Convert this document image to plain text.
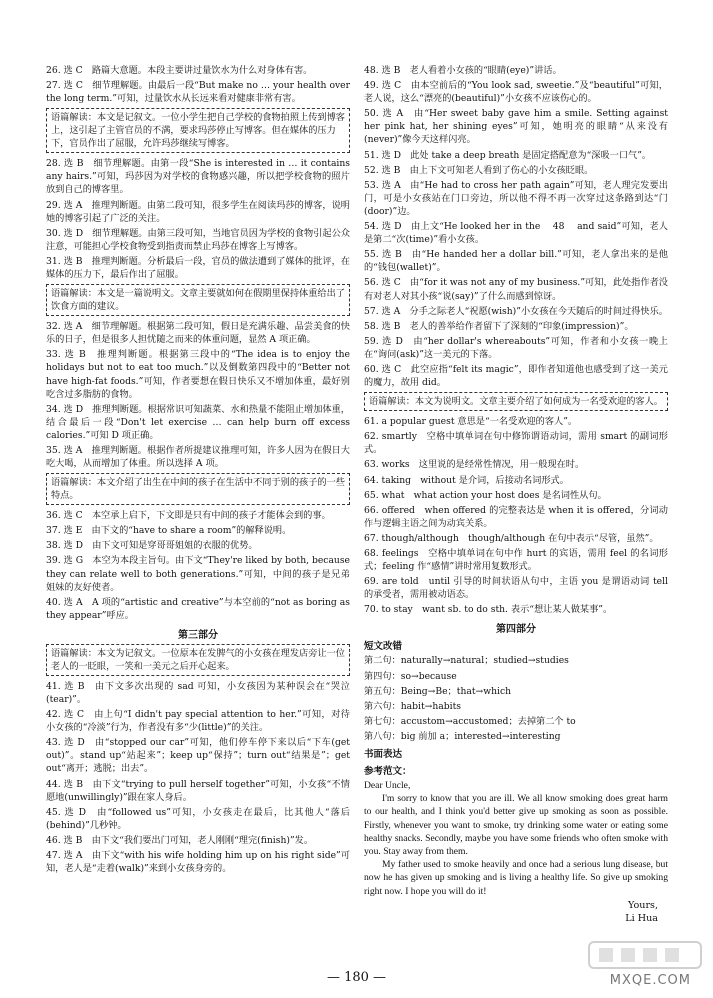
26. 选 C　路篇大意题。本段主要讲过量饮水为什么对身体有害。
27. 选 C　细节理解题。由最后一段“But make no … your health over the long term.”可知，过量饮水从长远来看对健康非常有害。
语篇解读：本文是记叙文。一位小学生把自己学校的食物拍照上传到博客上，这引起了主管官员的不满，要求玛莎停止写博客。但在媒体的压力下，官员作出了屈服，允许玛莎继续写博客。
28. 选 B　细节理解题。由第一段“She is interested in … it contains any hairs.”可知，玛莎因为对学校的食物感兴趣，所以把学校食物的照片放到自己的博客里。
29. 选 A　推理判断题。由第二段可知，很多学生在阅读玛莎的博客，说明她的博客引起了广泛的关注。
30. 选 D　细节理解题。由第三段可知，当地官员因为学校的食物引起公众注意，可能担心学校食物受到指责而禁止玛莎在博客上写博客。
31. 选 B　推理判断题。分析最后一段，官员的做法遭到了媒体的批评，在媒体的压力下，最后作出了屈服。
语篇解读：本文是一篇说明文。文章主要就如何在假期里保持体重给出了饮食方面的建议。
32. 选 A　细节理解题。根据第二段可知，假日是充满乐趣、品尝美食的快乐的日子，但是很多人担忧随之而来的体重问题，显然 A 项正确。
33. 选 B　推理判断题。根据第三段中的“The idea is to enjoy the holidays but not to eat too much.”以及倒数第四段中的“Better not have high-fat foods.”可知，作者要想在假日快乐又不增加体重，最好别吃含过多脂肪的食物。
34. 选 D　推理判断题。根据常识可知蔬菜、水和热量不能阻止增加体重，结合最后一段“Don't let exercise … can help burn off excess calories.”可知 D 项正确。
35. 选 A　推理判断题。根据作者所提建议推理可知，许多人因为在假日大吃大喝，从而增加了体重。所以选择 A 项。
语篇解读：本文介绍了出生在中间的孩子在生活中不同于别的孩子的一些特点。
36. 选 C　本空承上启下，下文即是只有中间的孩子才能体会到的事。
37. 选 E　由下文的“have to share a room”的解释说明。
38. 选 D　由下文可知是穿哥哥姐姐的衣服的优势。
39. 选 G　本空为本段主旨句。由下文“They're liked by both, because they can relate well to both generations.”可知，中间的孩子是兄弟姐妹的友好使者。
40. 选 A　A 项的“artistic and creative”与本空前的“not as boring as they appear”呼应。
第三部分
语篇解读：本文为记叙文。一位原本在发脾气的小女孩在理发店旁让一位老人的一眨眼，一笑和一美元之后开心起来。
41. 选 B　由下文多次出现的 sad 可知，小女孩因为某种误会在“哭泣(tear)”。
42. 选 C　由上句“I didn't pay special attention to her.”可知，对待小女孩的“冷淡”行为，作者没有多“少(little)”的关注。
43. 选 D　由“stopped our car”可知，他们停车停下来以后“下车(get out)”。stand up“站起来”；keep up“保持”；turn out“结果是”；get out“离开；逃脱；出去”。
44. 选 B　由下文“trying to pull herself together”可知，小女孩“不情愿地(unwillingly)”跟在家人身后。
45. 选 D　由“followed us”可知，小女孩走在最后，比其他人“落后(behind)”几秒钟。
46. 选 B　由下文“我们要出门可知，老人刚刚“理完(finish)”发。
47. 选 A　由下文“with his wife holding him up on his right side”可知，老人是“走着(walk)”来到小女孩身旁的。
48. 选 B　老人看着小女孩的“眼睛(eye)”讲话。
49. 选 C　由本空前后的“You look sad, sweetie.”及“beautiful”可知，老人说，这么“漂亮的(beautiful)”小女孩不应该伤心的。
50. 选 A　由“Her sweet baby gave him a smile. Setting against her pink hat, her shining eyes”可知，她明亮的眼睛“从来没有(never)”像今天这样闪亮。
51. 选 D　此处 take a deep breath 是固定搭配意为“深吸一口气”。
52. 选 B　由上下文可知老人看到了伤心的小女孩眨眼。
53. 选 A　由“He had to cross her path again”可知，老人理完发要出门，可是小女孩站在门口旁边，所以他不得不再一次穿过这条路到达“门(door)”边。
54. 选 D　由上文“He looked her in the 　48　 and said”可知，老人是第二“次(time)”看小女孩。
55. 选 B　由“He handed her a dollar bill.”可知，老人拿出来的是他的“钱包(wallet)”。
56. 选 C　由“for it was not any of my business.”可知，此处指作者没有对老人对其小孩“说(say)”了什么而感到惊讶。
57. 选 A　分手之际老人“祝愿(wish)”小女孩在今天随后的时间过得快乐。
58. 选 B　老人的善举给作者留下了深刻的“印象(impression)”。
59. 选 D　由“her dollar's whereabouts”可知，作者和小女孩一晚上在“询问(ask)”这一美元的下落。
60. 选 C　此空应指“felt its magic”，即作者知道他也感受到了这一美元的魔力，故用 did。
语篇解读：本文为说明文。文章主要介绍了如何成为一名受欢迎的客人。
61. a popular guest 意思是“一名受欢迎的客人”。
62. smartly　空格中填单词在句中修饰谓语动词，需用 smart 的副词形式。
63. works　这里说的是经常性情况，用一般现在时。
64. taking　without 是介词，后接动名词形式。
65. what　what action your host does 是名词性从句。
66. offered　when offered 的完整表达是 when it is offered，分词动作与逻辑主语之间为动宾关系。
67. though/although　though/although 在句中表示“尽管，虽然”。
68. feelings　空格中填单词在句中作 hurt 的宾语，需用 feel 的名词形式；feeling 作“感情”讲时常用复数形式。
69. are told　until 引导的时间状语从句中，主语 you 是谓语动词 tell 的承受者，需用被动语态。
70. to stay　want sb. to do sth. 表示“想让某人做某事”。
第四部分
短文改错
第二句：naturally→natural；studied→studies
第四句：so→because
第五句：Being→Be；that→which
第六句：habit→habits
第七句：accustom→accustomed；去掉第二个 to
第八句：big 前加 a；interested→interesting
书面表达
参考范文：
Dear Uncle,
I'm sorry to know that you are ill. We all know smoking does great harm to our health, and I think you'd better give up smoking as soon as possible. Firstly, whenever you want to smoke, try drinking some water or eating some healthy snacks. Secondly, maybe you have some friends who often smoke with you. Stay away from them.
My father used to smoke heavily and once had a serious lung disease, but now he has given up smoking and is living a healthy life. So give up smoking right now. I hope you will do it!
Yours,
Li Hua
— 180 —	MXQE.COM
